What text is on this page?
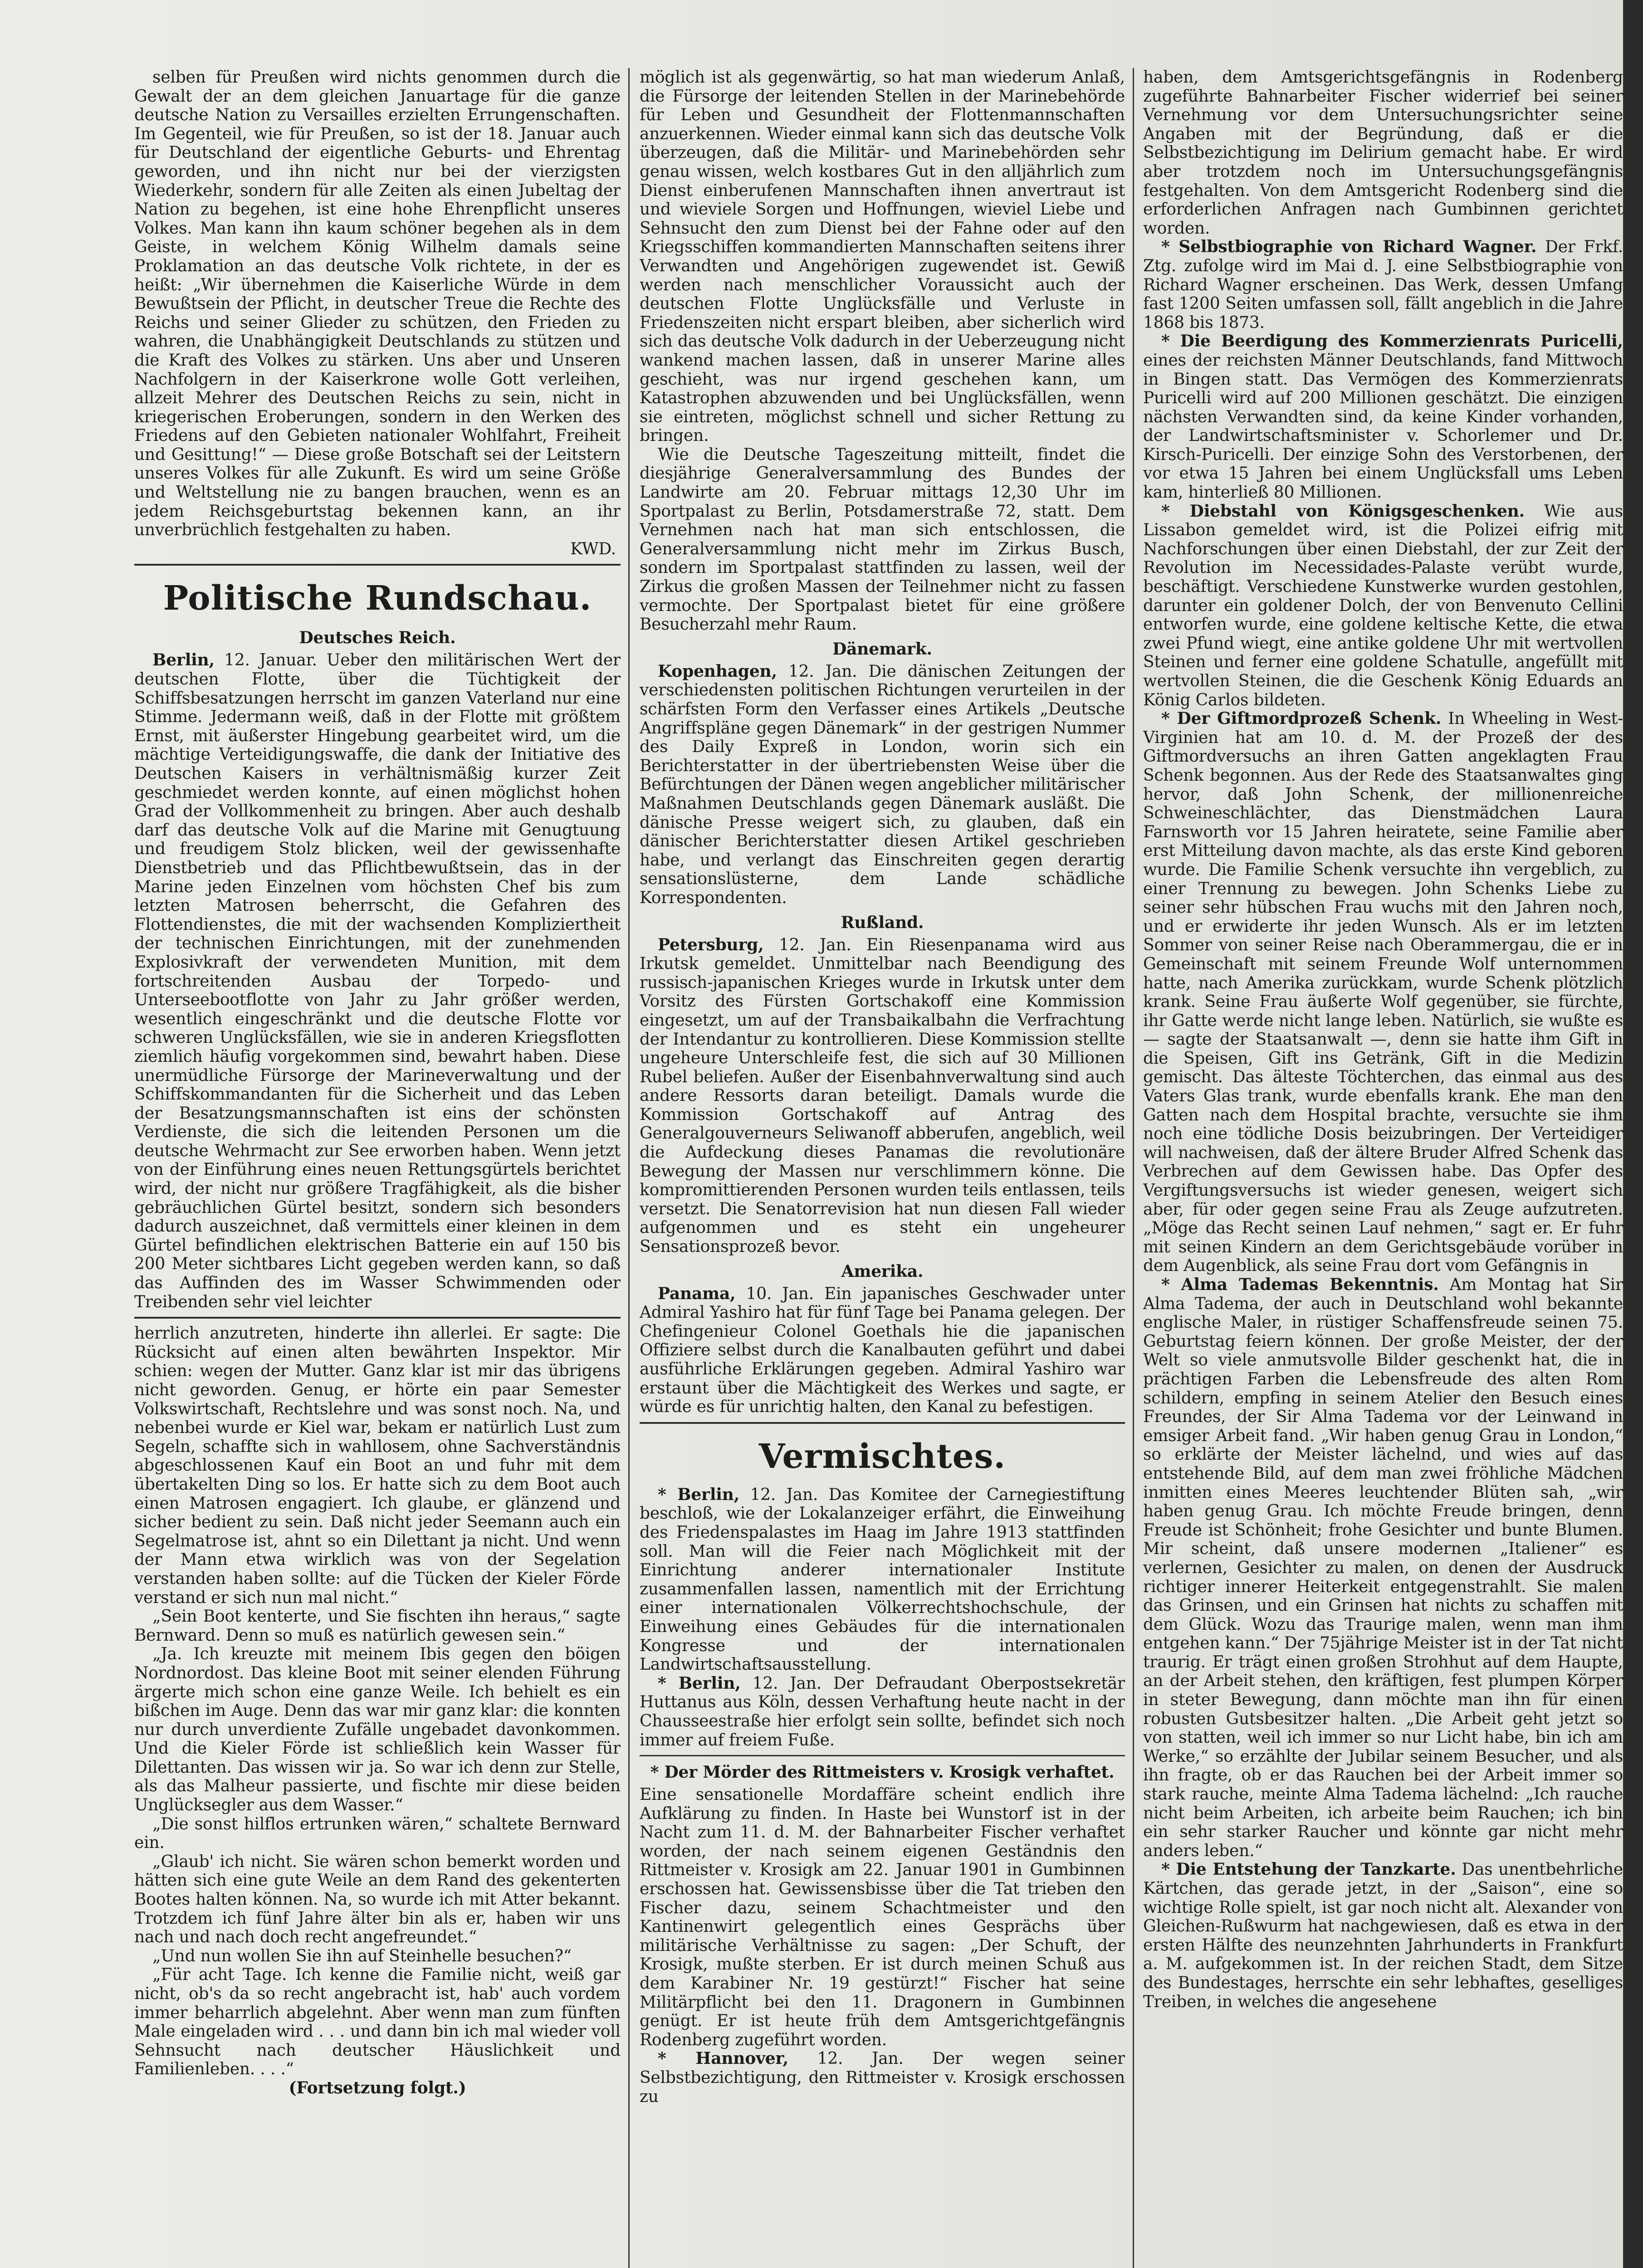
selben für Preußen wird nichts genommen durch die Gewalt der an dem gleichen Januartage für die ganze deutsche Nation zu Versailles erzielten Errungenschaften. Im Gegenteil, wie für Preußen, so ist der 18. Januar auch für Deutschland der eigentliche Geburts- und Ehrentag geworden, und ihn nicht nur bei der vierzigsten Wiederkehr, sondern für alle Zeiten als einen Jubeltag der Nation zu begehen, ist eine hohe Ehrenpflicht unseres Volkes. Man kann ihn kaum schöner begehen als in dem Geiste, in welchem König Wilhelm damals seine Proklamation an das deutsche Volk richtete, in der es heißt: „Wir übernehmen die Kaiserliche Würde in dem Bewußtsein der Pflicht, in deutscher Treue die Rechte des Reichs und seiner Glieder zu schützen, den Frieden zu wahren, die Unabhängigkeit Deutschlands zu stützen und die Kraft des Volkes zu stärken. Uns aber und Unseren Nachfolgern in der Kaiserkrone wolle Gott verleihen, allzeit Mehrer des Deutschen Reichs zu sein, nicht in kriegerischen Eroberungen, sondern in den Werken des Friedens auf den Gebieten nationaler Wohlfahrt, Freiheit und Gesittung!“ — Diese große Botschaft sei der Leitstern unseres Volkes für alle Zukunft. Es wird um seine Größe und Weltstellung nie zu bangen brauchen, wenn es an jedem Reichsgeburtstag bekennen kann, an ihr unverbrüchlich festgehalten zu haben.

KWD.

Politische Rundschau.
Deutsches Reich.

Berlin, 12. Januar. Ueber den militärischen Wert der deutschen Flotte, über die Tüchtigkeit der Schiffsbesatzungen herrscht im ganzen Vaterland nur eine Stimme. Jedermann weiß, daß in der Flotte mit größtem Ernst, mit äußerster Hingebung gearbeitet wird, um die mächtige Verteidigungswaffe, die dank der Initiative des Deutschen Kaisers in verhältnismäßig kurzer Zeit geschmiedet werden konnte, auf einen möglichst hohen Grad der Vollkommenheit zu bringen. Aber auch deshalb darf das deutsche Volk auf die Marine mit Genugtuung und freudigem Stolz blicken, weil der gewissenhafte Dienstbetrieb und das Pflichtbewußtsein, das in der Marine jeden Einzelnen vom höchsten Chef bis zum letzten Matrosen beherrscht, die Gefahren des Flottendienstes, die mit der wachsenden Kompliziertheit der technischen Einrichtungen, mit der zunehmenden Explosivkraft der verwendeten Munition, mit dem fortschreitenden Ausbau der Torpedo- und Unterseebootflotte von Jahr zu Jahr größer werden, wesentlich eingeschränkt und die deutsche Flotte vor schweren Unglücksfällen, wie sie in anderen Kriegsflotten ziemlich häufig vorgekommen sind, bewahrt haben. Diese unermüdliche Fürsorge der Marineverwaltung und der Schiffskommandanten für die Sicherheit und das Leben der Besatzungsmannschaften ist eins der schönsten Verdienste, die sich die leitenden Personen um die deutsche Wehrmacht zur See erworben haben. Wenn jetzt von der Einführung eines neuen Rettungsgürtels berichtet wird, der nicht nur größere Tragfähigkeit, als die bisher gebräuchlichen Gürtel besitzt, sondern sich besonders dadurch auszeichnet, daß vermittels einer kleinen in dem Gürtel befindlichen elektrischen Batterie ein auf 150 bis 200 Meter sichtbares Licht gegeben werden kann, so daß das Auffinden des im Wasser Schwimmenden oder Treibenden sehr viel leichter

herrlich anzutreten, hinderte ihn allerlei. Er sagte: Die Rücksicht auf einen alten bewährten Inspektor. Mir schien: wegen der Mutter. Ganz klar ist mir das übrigens nicht geworden. Genug, er hörte ein paar Semester Volkswirtschaft, Rechtslehre und was sonst noch. Na, und nebenbei wurde er Kiel war, bekam er natürlich Lust zum Segeln, schaffte sich in wahllosem, ohne Sachverständnis abgeschlossenen Kauf ein Boot an und fuhr mit dem übertakelten Ding so los. Er hatte sich zu dem Boot auch einen Matrosen engagiert. Ich glaube, er glänzend und sicher bedient zu sein. Daß nicht jeder Seemann auch ein Segelmatrose ist, ahnt so ein Dilettant ja nicht. Und wenn der Mann etwa wirklich was von der Segelation verstanden haben sollte: auf die Tücken der Kieler Förde verstand er sich nun mal nicht.“

„Sein Boot kenterte, und Sie fischten ihn heraus,“ sagte Bernward. Denn so muß es natürlich gewesen sein.“

„Ja. Ich kreuzte mit meinem Ibis gegen den böigen Nordnordost. Das kleine Boot mit seiner elenden Führung ärgerte mich schon eine ganze Weile. Ich behielt es ein bißchen im Auge. Denn das war mir ganz klar: die konnten nur durch unverdiente Zufälle ungebadet davonkommen. Und die Kieler Förde ist schließlich kein Wasser für Dilettanten. Das wissen wir ja. So war ich denn zur Stelle, als das Malheur passierte, und fischte mir diese beiden Unglücksegler aus dem Wasser.“

„Die sonst hilflos ertrunken wären,“ schaltete Bernward ein.

„Glaub' ich nicht. Sie wären schon bemerkt worden und hätten sich eine gute Weile an dem Rand des gekenterten Bootes halten können. Na, so wurde ich mit Atter bekannt. Trotzdem ich fünf Jahre älter bin als er, haben wir uns nach und nach doch recht angefreundet.“

„Und nun wollen Sie ihn auf Steinhelle besuchen?“

„Für acht Tage. Ich kenne die Familie nicht, weiß gar nicht, ob's da so recht angebracht ist, hab' auch vordem immer beharrlich abgelehnt. Aber wenn man zum fünften Male eingeladen wird . . . und dann bin ich mal wieder voll Sehnsucht nach deutscher Häuslichkeit und Familienleben. . . .“

(Fortsetzung folgt.)

möglich ist als gegenwärtig, so hat man wiederum Anlaß, die Fürsorge der leitenden Stellen in der Marinebehörde für Leben und Gesundheit der Flottenmannschaften anzuerkennen. Wieder einmal kann sich das deutsche Volk überzeugen, daß die Militär- und Marinebehörden sehr genau wissen, welch kostbares Gut in den alljährlich zum Dienst einberufenen Mannschaften ihnen anvertraut ist und wieviele Sorgen und Hoffnungen, wieviel Liebe und Sehnsucht den zum Dienst bei der Fahne oder auf den Kriegsschiffen kommandierten Mannschaften seitens ihrer Verwandten und Angehörigen zugewendet ist. Gewiß werden nach menschlicher Voraussicht auch der deutschen Flotte Unglücksfälle und Verluste in Friedenszeiten nicht erspart bleiben, aber sicherlich wird sich das deutsche Volk dadurch in der Ueberzeugung nicht wankend machen lassen, daß in unserer Marine alles geschieht, was nur irgend geschehen kann, um Katastrophen abzuwenden und bei Unglücksfällen, wenn sie eintreten, möglichst schnell und sicher Rettung zu bringen.

Wie die Deutsche Tageszeitung mitteilt, findet die diesjährige Generalversammlung des Bundes der Landwirte am 20. Februar mittags 12,30 Uhr im Sportpalast zu Berlin, Potsdamerstraße 72, statt. Dem Vernehmen nach hat man sich entschlossen, die Generalversammlung nicht mehr im Zirkus Busch, sondern im Sportpalast stattfinden zu lassen, weil der Zirkus die großen Massen der Teilnehmer nicht zu fassen vermochte. Der Sportpalast bietet für eine größere Besucherzahl mehr Raum.

Dänemark.

Kopenhagen, 12. Jan. Die dänischen Zeitungen der verschiedensten politischen Richtungen verurteilen in der schärfsten Form den Verfasser eines Artikels „Deutsche Angriffspläne gegen Dänemark“ in der gestrigen Nummer des Daily Expreß in London, worin sich ein Berichterstatter in der übertriebensten Weise über die Befürchtungen der Dänen wegen angeblicher militärischer Maßnahmen Deutschlands gegen Dänemark ausläßt. Die dänische Presse weigert sich, zu glauben, daß ein dänischer Berichterstatter diesen Artikel geschrieben habe, und verlangt das Einschreiten gegen derartig sensationslüsterne, dem Lande schädliche Korrespondenten.

Rußland.

Petersburg, 12. Jan. Ein Riesenpanama wird aus Irkutsk gemeldet. Unmittelbar nach Beendigung des russisch-japanischen Krieges wurde in Irkutsk unter dem Vorsitz des Fürsten Gortschakoff eine Kommission eingesetzt, um auf der Transbaikalbahn die Verfrachtung der Intendantur zu kontrollieren. Diese Kommission stellte ungeheure Unterschleife fest, die sich auf 30 Millionen Rubel beliefen. Außer der Eisenbahnverwaltung sind auch andere Ressorts daran beteiligt. Damals wurde die Kommission Gortschakoff auf Antrag des Generalgouverneurs Seliwanoff abberufen, angeblich, weil die Aufdeckung dieses Panamas die revolutionäre Bewegung der Massen nur verschlimmern könne. Die kompromittierenden Personen wurden teils entlassen, teils versetzt. Die Senatorrevision hat nun diesen Fall wieder aufgenommen und es steht ein ungeheurer Sensationsprozeß bevor.

Amerika.

Panama, 10. Jan. Ein japanisches Geschwader unter Admiral Yashiro hat für fünf Tage bei Panama gelegen. Der Chefingenieur Colonel Goethals hie die japanischen Offiziere selbst durch die Kanalbauten geführt und dabei ausführliche Erklärungen gegeben. Admiral Yashiro war erstaunt über die Mächtigkeit des Werkes und sagte, er würde es für unrichtig halten, den Kanal zu befestigen.

Vermischtes.

* Berlin, 12. Jan. Das Komitee der Carnegiestiftung beschloß, wie der Lokalanzeiger erfährt, die Einweihung des Friedenspalastes im Haag im Jahre 1913 stattfinden soll. Man will die Feier nach Möglichkeit mit der Einrichtung anderer internationaler Institute zusammenfallen lassen, namentlich mit der Errichtung einer internationalen Völkerrechtshochschule, der Einweihung eines Gebäudes für die internationalen Kongresse und der internationalen Landwirtschaftsausstellung.

* Berlin, 12. Jan. Der Defraudant Oberpostsekretär Huttanus aus Köln, dessen Verhaftung heute nacht in der Chausseestraße hier erfolgt sein sollte, befindet sich noch immer auf freiem Fuße.

* Der Mörder des Rittmeisters v. Krosigk verhaftet.

Eine sensationelle Mordaffäre scheint endlich ihre Aufklärung zu finden. In Haste bei Wunstorf ist in der Nacht zum 11. d. M. der Bahnarbeiter Fischer verhaftet worden, der nach seinem eigenen Geständnis den Rittmeister v. Krosigk am 22. Januar 1901 in Gumbinnen erschossen hat. Gewissensbisse über die Tat trieben den Fischer dazu, seinem Schachtmeister und den Kantinenwirt gelegentlich eines Gesprächs über militärische Verhältnisse zu sagen: „Der Schuft, der Krosigk, mußte sterben. Er ist durch meinen Schuß aus dem Karabiner Nr. 19 gestürzt!“ Fischer hat seine Militärpflicht bei den 11. Dragonern in Gumbinnen genügt. Er ist heute früh dem Amtsgerichtgefängnis Rodenberg zugeführt worden.

* Hannover, 12. Jan. Der wegen seiner Selbstbezichtigung, den Rittmeister v. Krosigk erschossen zu

haben, dem Amtsgerichtsgefängnis in Rodenberg zugeführte Bahnarbeiter Fischer widerrief bei seiner Vernehmung vor dem Untersuchungsrichter seine Angaben mit der Begründung, daß er die Selbstbezichtigung im Delirium gemacht habe. Er wird aber trotzdem noch im Untersuchungsgefängnis festgehalten. Von dem Amtsgericht Rodenberg sind die erforderlichen Anfragen nach Gumbinnen gerichtet worden.

* Selbstbiographie von Richard Wagner. Der Frkf. Ztg. zufolge wird im Mai d. J. eine Selbstbiographie von Richard Wagner erscheinen. Das Werk, dessen Umfang fast 1200 Seiten umfassen soll, fällt angeblich in die Jahre 1868 bis 1873.

* Die Beerdigung des Kommerzienrats Puricelli, eines der reichsten Männer Deutschlands, fand Mittwoch in Bingen statt. Das Vermögen des Kommerzienrats Puricelli wird auf 200 Millionen geschätzt. Die einzigen nächsten Verwandten sind, da keine Kinder vorhanden, der Landwirtschaftsminister v. Schorlemer und Dr. Kirsch-Puricelli. Der einzige Sohn des Verstorbenen, der vor etwa 15 Jahren bei einem Unglücksfall ums Leben kam, hinterließ 80 Millionen.

* Diebstahl von Königsgeschenken. Wie aus Lissabon gemeldet wird, ist die Polizei eifrig mit Nachforschungen über einen Diebstahl, der zur Zeit der Revolution im Necessidades-Palaste verübt wurde, beschäftigt. Verschiedene Kunstwerke wurden gestohlen, darunter ein goldener Dolch, der von Benvenuto Cellini entworfen wurde, eine goldene keltische Kette, die etwa zwei Pfund wiegt, eine antike goldene Uhr mit wertvollen Steinen und ferner eine goldene Schatulle, angefüllt mit wertvollen Steinen, die die Geschenk König Eduards an König Carlos bildeten.

* Der Giftmordprozeß Schenk. In Wheeling in West-Virginien hat am 10. d. M. der Prozeß der des Giftmordversuchs an ihren Gatten angeklagten Frau Schenk begonnen. Aus der Rede des Staatsanwaltes ging hervor, daß John Schenk, der millionenreiche Schweineschlächter, das Dienstmädchen Laura Farnsworth vor 15 Jahren heiratete, seine Familie aber erst Mitteilung davon machte, als das erste Kind geboren wurde. Die Familie Schenk versuchte ihn vergeblich, zu einer Trennung zu bewegen. John Schenks Liebe zu seiner sehr hübschen Frau wuchs mit den Jahren noch, und er erwiderte ihr jeden Wunsch. Als er im letzten Sommer von seiner Reise nach Oberammergau, die er in Gemeinschaft mit seinem Freunde Wolf unternommen hatte, nach Amerika zurückkam, wurde Schenk plötzlich krank. Seine Frau äußerte Wolf gegenüber, sie fürchte, ihr Gatte werde nicht lange leben. Natürlich, sie wußte es — sagte der Staatsanwalt —, denn sie hatte ihm Gift in die Speisen, Gift ins Getränk, Gift in die Medizin gemischt. Das älteste Töchterchen, das einmal aus des Vaters Glas trank, wurde ebenfalls krank. Ehe man den Gatten nach dem Hospital brachte, versuchte sie ihm noch eine tödliche Dosis beizubringen. Der Verteidiger will nachweisen, daß der ältere Bruder Alfred Schenk das Verbrechen auf dem Gewissen habe. Das Opfer des Vergiftungsversuchs ist wieder genesen, weigert sich aber, für oder gegen seine Frau als Zeuge aufzutreten. „Möge das Recht seinen Lauf nehmen,“ sagt er. Er fuhr mit seinen Kindern an dem Gerichtsgebäude vorüber in dem Augenblick, als seine Frau dort vom Gefängnis in

* Alma Tademas Bekenntnis. Am Montag hat Sir Alma Tadema, der auch in Deutschland wohl bekannte englische Maler, in rüstiger Schaffensfreude seinen 75. Geburtstag feiern können. Der große Meister, der der Welt so viele anmutsvolle Bilder geschenkt hat, die in prächtigen Farben die Lebensfreude des alten Rom schildern, empfing in seinem Atelier den Besuch eines Freundes, der Sir Alma Tadema vor der Leinwand in emsiger Arbeit fand. „Wir haben genug Grau in London,“ so erklärte der Meister lächelnd, und wies auf das entstehende Bild, auf dem man zwei fröhliche Mädchen inmitten eines Meeres leuchtender Blüten sah, „wir haben genug Grau. Ich möchte Freude bringen, denn Freude ist Schönheit; frohe Gesichter und bunte Blumen. Mir scheint, daß unsere modernen „Italiener“ es verlernen, Gesichter zu malen, on denen der Ausdruck richtiger innerer Heiterkeit entgegenstrahlt. Sie malen das Grinsen, und ein Grinsen hat nichts zu schaffen mit dem Glück. Wozu das Traurige malen, wenn man ihm entgehen kann.“ Der 75jährige Meister ist in der Tat nicht traurig. Er trägt einen großen Strohhut auf dem Haupte, an der Arbeit stehen, den kräftigen, fest plumpen Körper in steter Bewegung, dann möchte man ihn für einen robusten Gutsbesitzer halten. „Die Arbeit geht jetzt so von statten, weil ich immer so nur Licht habe, bin ich am Werke,“ so erzählte der Jubilar seinem Besucher, und als ihn fragte, ob er das Rauchen bei der Arbeit immer so stark rauche, meinte Alma Tadema lächelnd: „Ich rauche nicht beim Arbeiten, ich arbeite beim Rauchen; ich bin ein sehr starker Raucher und könnte gar nicht mehr anders leben.“

* Die Entstehung der Tanzkarte. Das unentbehrliche Kärtchen, das gerade jetzt, in der „Saison“, eine so wichtige Rolle spielt, ist gar noch nicht alt. Alexander von Gleichen-Rußwurm hat nachgewiesen, daß es etwa in der ersten Hälfte des neunzehnten Jahrhunderts in Frankfurt a. M. aufgekommen ist. In der reichen Stadt, dem Sitze des Bundestages, herrschte ein sehr lebhaftes, geselliges Treiben, in welches die angesehene
